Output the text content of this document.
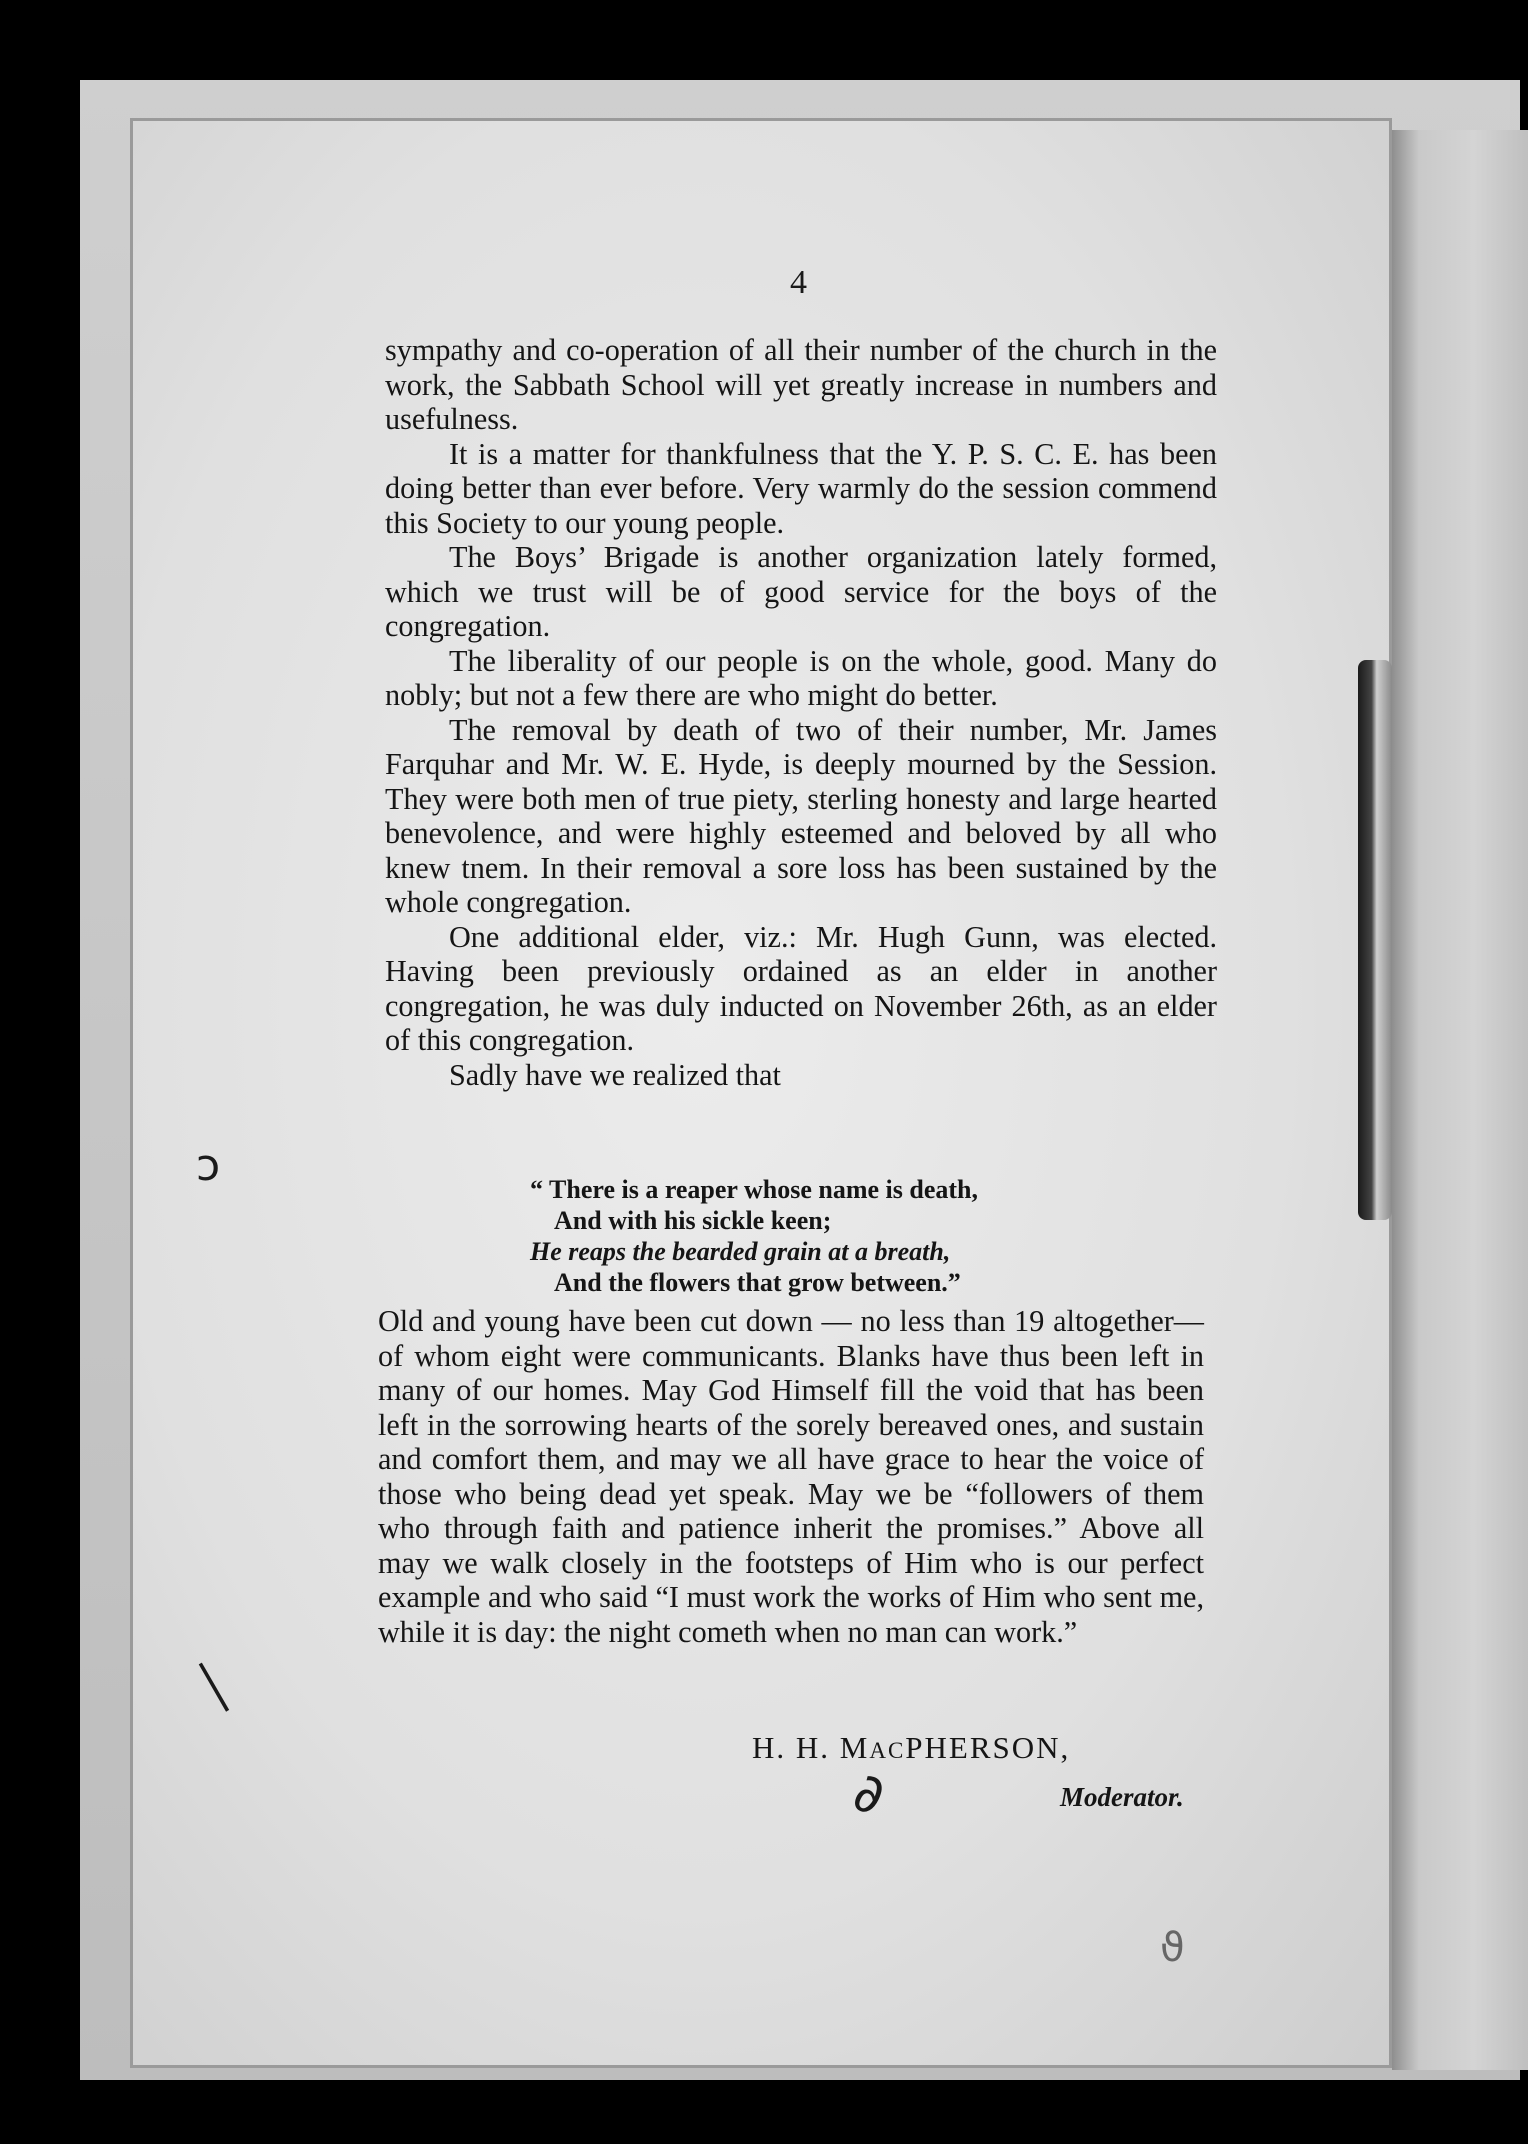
4

sympathy and co-operation of all their number of the church in the work, the Sabbath School will yet greatly increase in numbers and usefulness.

It is a matter for thankfulness that the Y. P. S. C. E. has been doing better than ever before. Very warmly do the session commend this Society to our young people.

The Boys’ Brigade is another organization lately formed, which we trust will be of good service for the boys of the congregation.

The liberality of our people is on the whole, good. Many do nobly; but not a few there are who might do better.

The removal by death of two of their number, Mr. James Farquhar and Mr. W. E. Hyde, is deeply mourned by the Session. They were both men of true piety, sterling honesty and large hearted benevolence, and were highly esteemed and beloved by all who knew tnem. In their removal a sore loss has been sustained by the whole congregation.

One additional elder, viz.: Mr. Hugh Gunn, was elected. Having been previously ordained as an elder in another congregation, he was duly inducted on November 26th, as an elder of this congregation.

Sadly have we realized that

“ There is a reaper whose name is death,
And with his sickle keen;
He reaps the bearded grain at a breath,
And the flowers that grow between.”

Old and young have been cut down — no less than 19 altogether— of whom eight were communicants. Blanks have thus been left in many of our homes. May God Himself fill the void that has been left in the sorrowing hearts of the sorely bereaved ones, and sustain and comfort them, and may we all have grace to hear the voice of those who being dead yet speak. May we be “followers of them who through faith and patience inherit the promises.” Above all may we walk closely in the footsteps of Him who is our perfect example and who said “I must work the works of Him who sent me, while it is day: the night cometh when no man can work.”

H. H. MACPHERSON,
Moderator.
ↄ
│
∂
ϑ
